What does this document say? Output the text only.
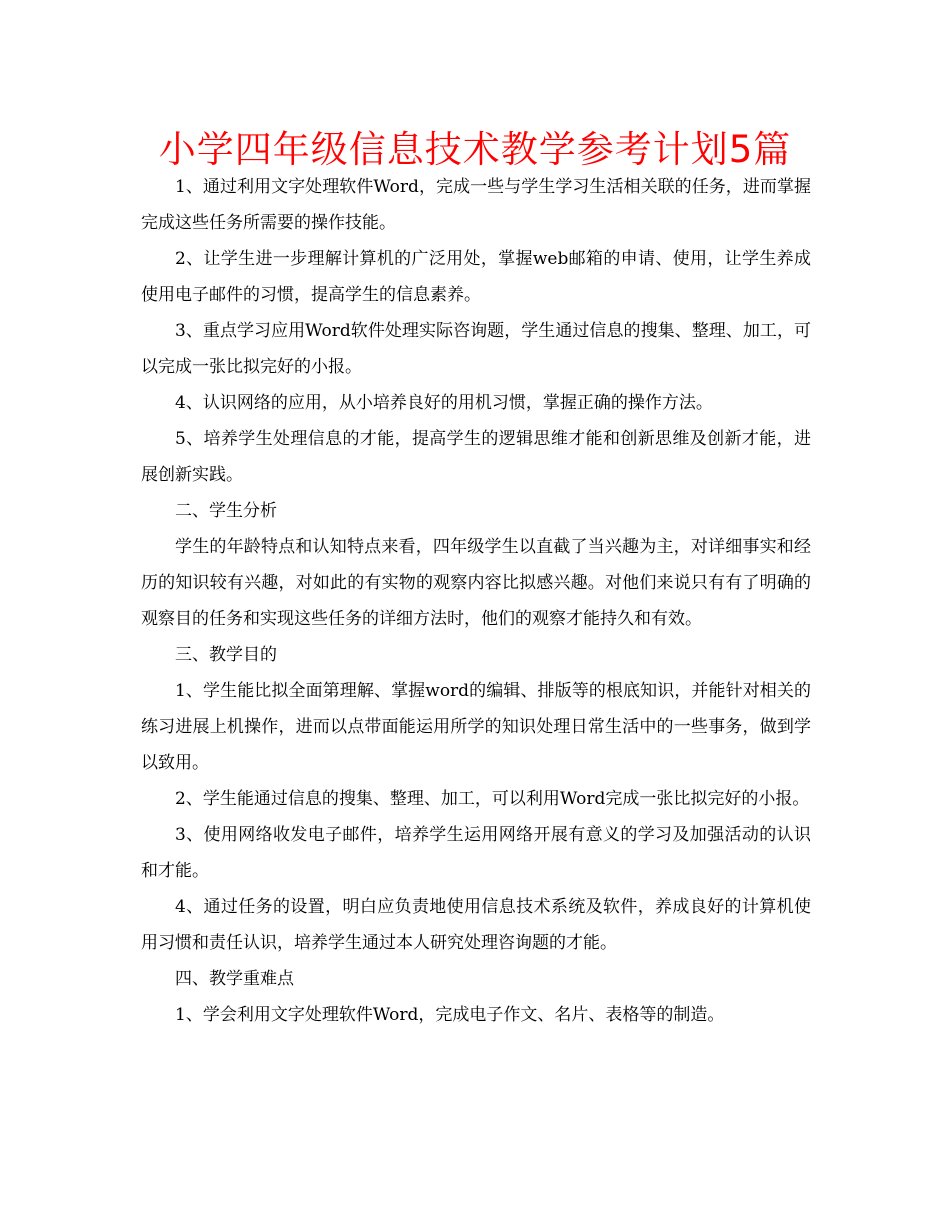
小学四年级信息技术教学参考计划5篇

1、通过利用文字处理软件Word，完成一些与学生学习生活相关联的任务，进而掌握完成这些任务所需要的操作技能。

2、让学生进一步理解计算机的广泛用处，掌握web邮箱的申请、使用，让学生养成使用电子邮件的习惯，提高学生的信息素养。

3、重点学习应用Word软件处理实际咨询题，学生通过信息的搜集、整理、加工，可以完成一张比拟完好的小报。

4、认识网络的应用，从小培养良好的用机习惯，掌握正确的操作方法。

5、培养学生处理信息的才能，提高学生的逻辑思维才能和创新思维及创新才能，进展创新实践。

二、学生分析

学生的年龄特点和认知特点来看，四年级学生以直截了当兴趣为主，对详细事实和经历的知识较有兴趣，对如此的有实物的观察内容比拟感兴趣。对他们来说只有有了明确的观察目的任务和实现这些任务的详细方法时，他们的观察才能持久和有效。

三、教学目的

1、学生能比拟全面第理解、掌握word的编辑、排版等的根底知识，并能针对相关的练习进展上机操作，进而以点带面能运用所学的知识处理日常生活中的一些事务，做到学以致用。

2、学生能通过信息的搜集、整理、加工，可以利用Word完成一张比拟完好的小报。

3、使用网络收发电子邮件，培养学生运用网络开展有意义的学习及加强活动的认识和才能。

4、通过任务的设置，明白应负责地使用信息技术系统及软件，养成良好的计算机使用习惯和责任认识，培养学生通过本人研究处理咨询题的才能。

四、教学重难点

1、学会利用文字处理软件Word，完成电子作文、名片、表格等的制造。
